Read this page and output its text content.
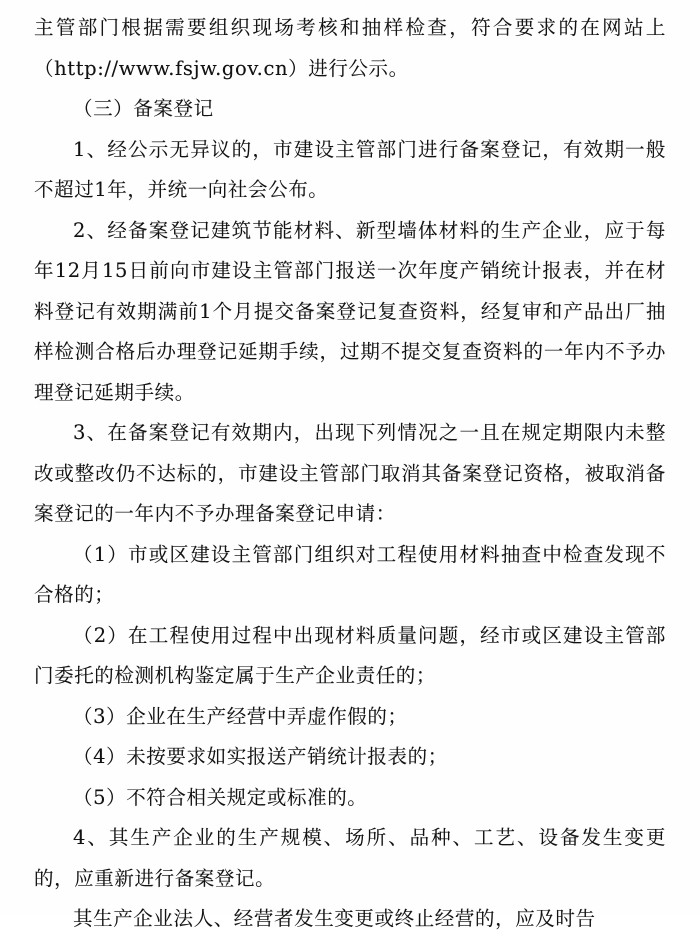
主管部门根据需要组织现场考核和抽样检查，符合要求的在网站上（http://www.fsjw.gov.cn）进行公示。

（三）备案登记

1、经公示无异议的，市建设主管部门进行备案登记，有效期一般不超过1年，并统一向社会公布。

2、经备案登记建筑节能材料、新型墙体材料的生产企业，应于每年12月15日前向市建设主管部门报送一次年度产销统计报表，并在材料登记有效期满前1个月提交备案登记复查资料，经复审和产品出厂抽样检测合格后办理登记延期手续，过期不提交复查资料的一年内不予办理登记延期手续。

3、在备案登记有效期内，出现下列情况之一且在规定期限内未整改或整改仍不达标的，市建设主管部门取消其备案登记资格，被取消备案登记的一年内不予办理备案登记申请：

（1）市或区建设主管部门组织对工程使用材料抽查中检查发现不合格的；

（2）在工程使用过程中出现材料质量问题，经市或区建设主管部门委托的检测机构鉴定属于生产企业责任的；

（3）企业在生产经营中弄虚作假的；

（4）未按要求如实报送产销统计报表的；

（5）不符合相关规定或标准的。

4、其生产企业的生产规模、场所、品种、工艺、设备发生变更的，应重新进行备案登记。

其生产企业法人、经营者发生变更或终止经营的，应及时告
